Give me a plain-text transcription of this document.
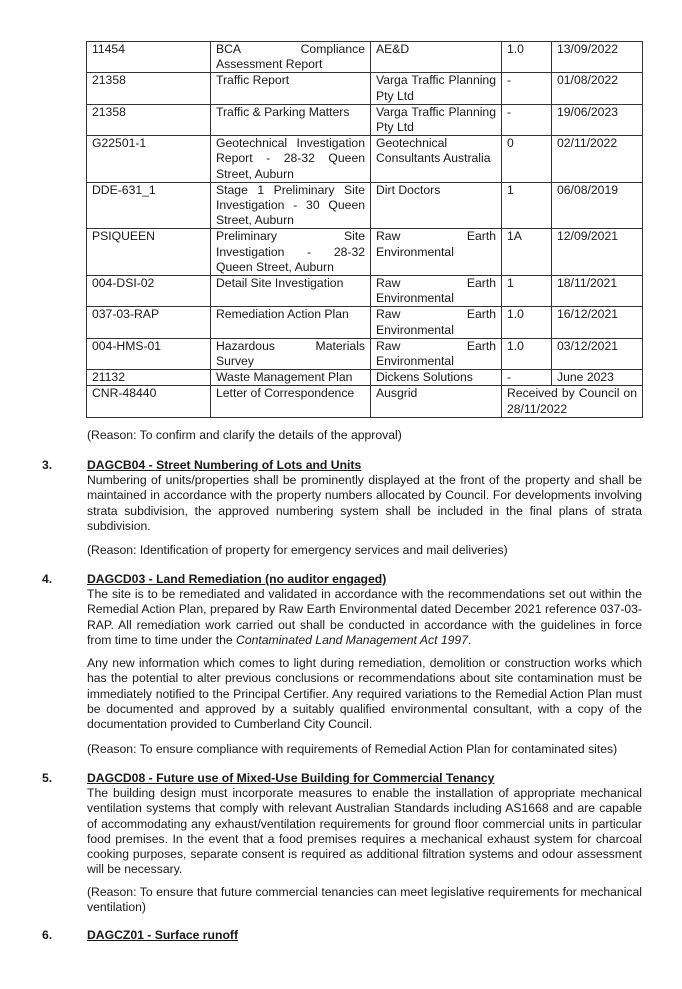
11454	BCA Compliance Assessment Report	AE&D	1.0	13/09/2022
21358	Traffic Report	Varga Traffic Planning Pty Ltd	-	01/08/2022
21358	Traffic & Parking Matters	Varga Traffic Planning Pty Ltd	-	19/06/2023
G22501-1	Geotechnical Investigation Report - 28-32 Queen Street, Auburn	Geotechnical Consultants Australia	0	02/11/2022
DDE-631_1	Stage 1 Preliminary Site Investigation - 30 Queen Street, Auburn	Dirt Doctors	1	06/08/2019
PSIQUEEN	Preliminary Site Investigation - 28-32 Queen Street, Auburn	Raw Earth Environmental	1A	12/09/2021
004-DSI-02	Detail Site Investigation	Raw Earth Environmental	1	18/11/2021
037-03-RAP	Remediation Action Plan	Raw Earth Environmental	1.0	16/12/2021
004-HMS-01	Hazardous Materials Survey	Raw Earth Environmental	1.0	03/12/2021
21132	Waste Management Plan	Dickens Solutions	-	June 2023
CNR-48440	Letter of Correspondence	Ausgrid	Received by Council on 28/11/2022	
(Reason: To confirm and clarify the details of the approval)
3.	DAGCB04 - Street Numbering of Lots and Units
Numbering of units/properties shall be prominently displayed at the front of the property and shall be maintained in accordance with the property numbers allocated by Council. For developments involving strata subdivision, the approved numbering system shall be included in the final plans of strata subdivision.
(Reason: Identification of property for emergency services and mail deliveries)
4.	DAGCD03 - Land Remediation (no auditor engaged)
The site is to be remediated and validated in accordance with the recommendations set out within the Remedial Action Plan, prepared by Raw Earth Environmental dated December 2021 reference 037-03-RAP. All remediation work carried out shall be conducted in accordance with the guidelines in force from time to time under the Contaminated Land Management Act 1997.
Any new information which comes to light during remediation, demolition or construction works which has the potential to alter previous conclusions or recommendations about site contamination must be immediately notified to the Principal Certifier. Any required variations to the Remedial Action Plan must be documented and approved by a suitably qualified environmental consultant, with a copy of the documentation provided to Cumberland City Council.
(Reason: To ensure compliance with requirements of Remedial Action Plan for contaminated sites)
5.	DAGCD08 - Future use of Mixed-Use Building for Commercial Tenancy
The building design must incorporate measures to enable the installation of appropriate mechanical ventilation systems that comply with relevant Australian Standards including AS1668 and are capable of accommodating any exhaust/ventilation requirements for ground floor commercial units in particular food premises. In the event that a food premises requires a mechanical exhaust system for charcoal cooking purposes, separate consent is required as additional filtration systems and odour assessment will be necessary.
(Reason: To ensure that future commercial tenancies can meet legislative requirements for mechanical ventilation)
6.	DAGCZ01 - Surface runoff
